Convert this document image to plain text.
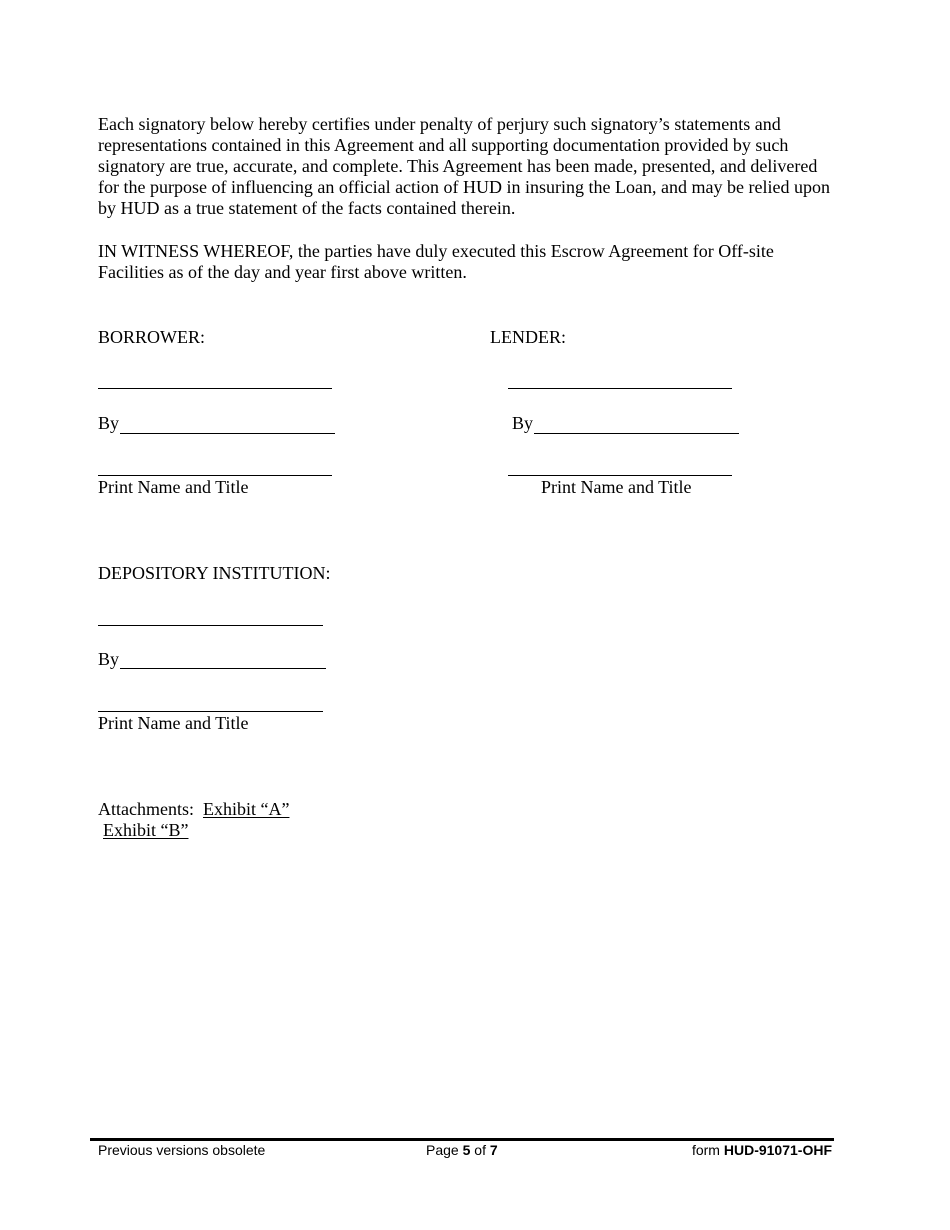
Each signatory below hereby certifies under penalty of perjury such signatory’s statements and representations contained in this Agreement and all supporting documentation provided by such signatory are true, accurate, and complete. This Agreement has been made, presented, and delivered for the purpose of influencing an official action of HUD in insuring the Loan, and may be relied upon by HUD as a true statement of the facts contained therein.

IN WITNESS WHEREOF, the parties have duly executed this Escrow Agreement for Off-site Facilities as of the day and year first above written.

BORROWER:
By
Print Name and Title
LENDER:
By
Print Name and Title
DEPOSITORY INSTITUTION:
By
Print Name and Title
Attachments: Exhibit “A”
Exhibit “B”
Previous versions obsolete	Page 5 of 7	form HUD-91071-OHF
